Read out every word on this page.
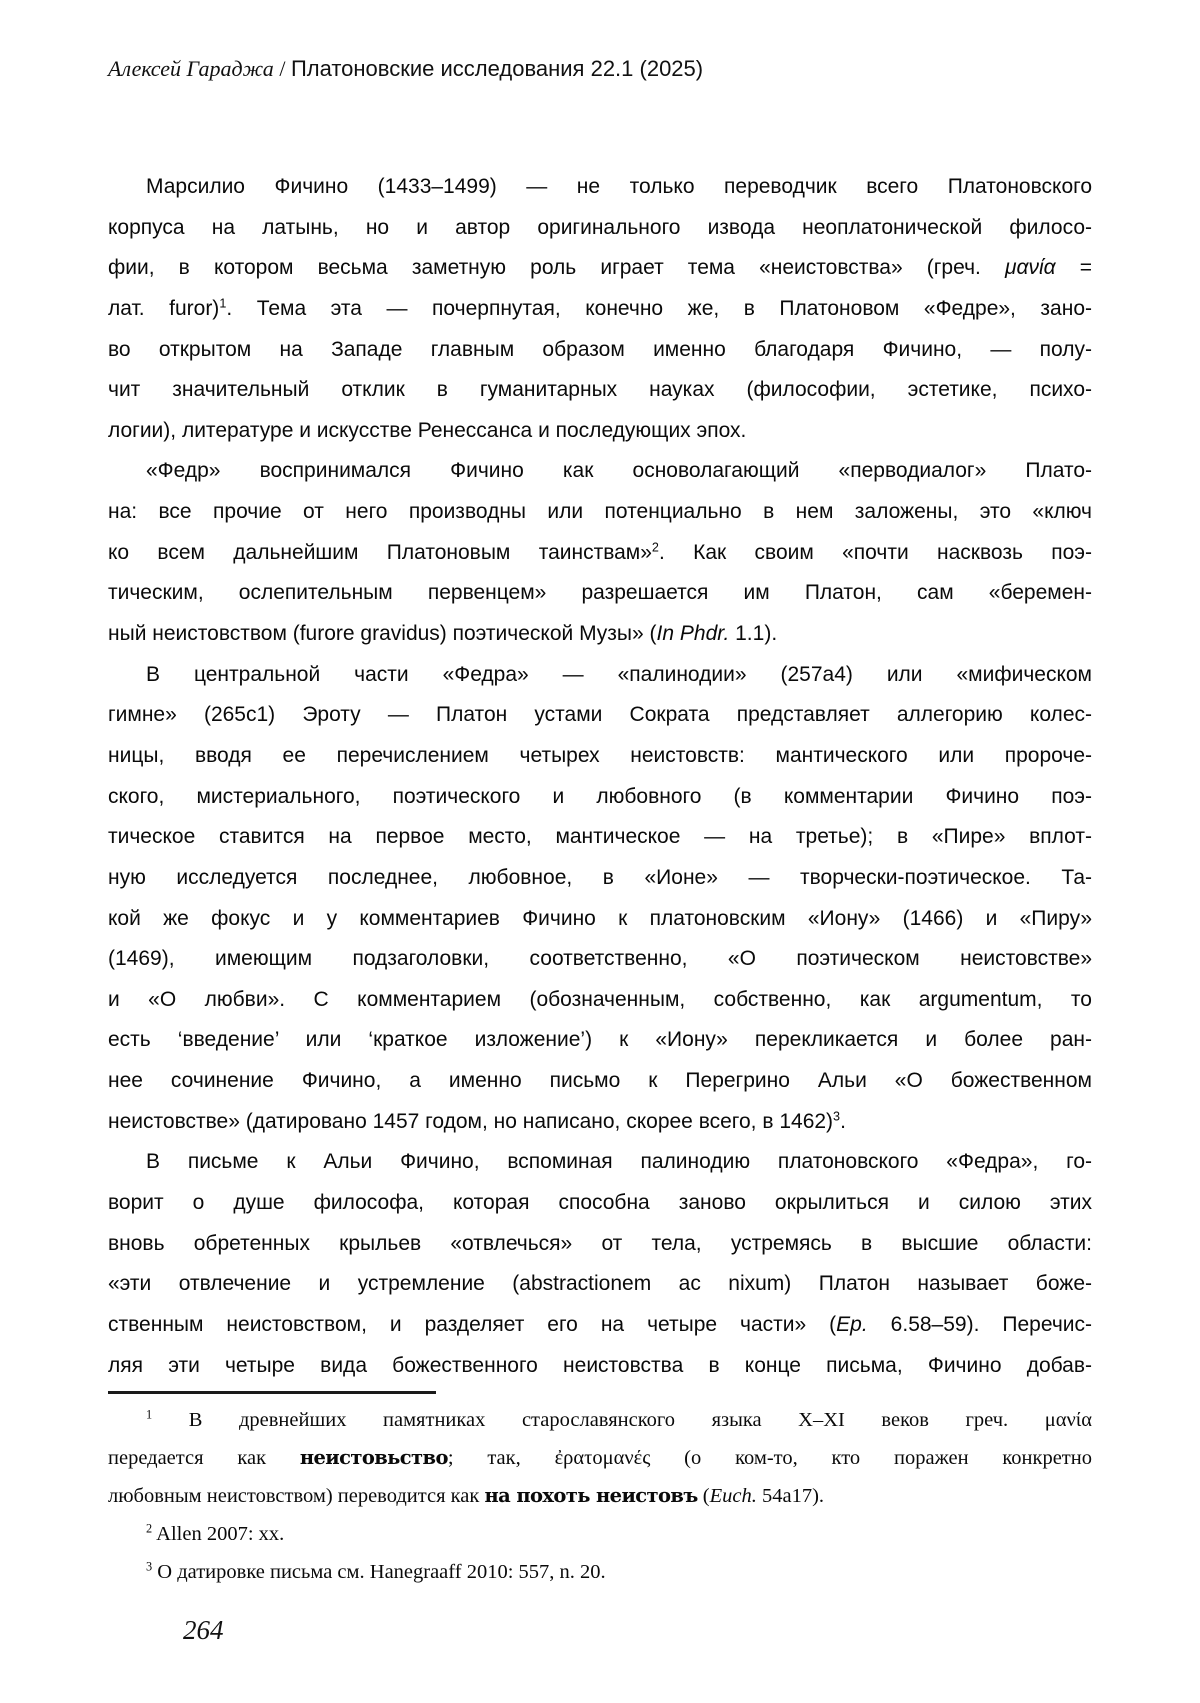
Алексей Гараджа / Платоновские исследования 22.1 (2025)
Марсилио Фичино (1433–1499) — не только переводчик всего Платоновского
корпуса на латынь, но и автор оригинального извода неоплатонической филосо-
фии, в котором весьма заметную роль играет тема «неистовства» (греч. μανία =
лат. furor)$^1$. Тема эта — почерпнутая, конечно же, в Платоновом «Федре», зано-
во открытом на Западе главным образом именно благодаря Фичино, — полу-
чит значительный отклик в гуманитарных науках (философии, эстетике, психо-
логии), литературе и искусстве Ренессанса и последующих эпох.
«Федр» воспринимался Фичино как основолагающий «перводиалог» Плато-
на: все прочие от него производны или потенциально в нем заложены, это «ключ
ко всем дальнейшим Платоновым таинствам»$^2$. Как своим «почти насквозь поэ-
тическим, ослепительным первенцем» разрешается им Платон, сам «беремен-
ный неистовством (furore gravidus) поэтической Музы» (In Phdr. 1.1).
В центральной части «Федра» — «палинодии» (257a4) или «мифическом
гимне» (265c1) Эроту — Платон устами Сократа представляет аллегорию колес-
ницы, вводя ее перечислением четырех неистовств: мантического или пророче-
ского, мистериального, поэтического и любовного (в комментарии Фичино поэ-
тическое ставится на первое место, мантическое — на третье); в «Пире» вплот-
ную исследуется последнее, любовное, в «Ионе» — творчески-поэтическое. Та-
кой же фокус и у комментариев Фичино к платоновским «Иону» (1466) и «Пиру»
(1469), имеющим подзаголовки, соответственно, «О поэтическом неистовстве»
и «О любви». С комментарием (обозначенным, собственно, как argumentum, то
есть ‘введение’ или ‘краткое изложение’) к «Иону» перекликается и более ран-
нее сочинение Фичино, а именно письмо к Перегрино Альи «О божественном
неистовстве» (датировано 1457 годом, но написано, скорее всего, в 1462)$^3$.
В письме к Альи Фичино, вспоминая палинодию платоновского «Федра», го-
ворит о душе философа, которая способна заново окрылиться и силою этих
вновь обретенных крыльев «отвлечься» от тела, устремясь в высшие области:
«эти отвлечение и устремление (abstractionem ac nixum) Платон называет боже-
ственным неистовством, и разделяет его на четыре части» (Ep. 6.58–59). Перечис-
ляя эти четыре вида божественного неистовства в конце письма, Фичино добав-
$^1$ В древнейших памятниках старославянского языка X–XI веков греч. μανία
передается как неистовьство; так, ἐρατομανές (о ком-то, кто поражен конкретно
любовным неистовством) переводится как на похоть неистовъ (Euch. 54a17).
$^2$ Allen 2007: xx.
$^3$ О датировке письма см. Hanegraaff 2010: 557, n. 20.
264
